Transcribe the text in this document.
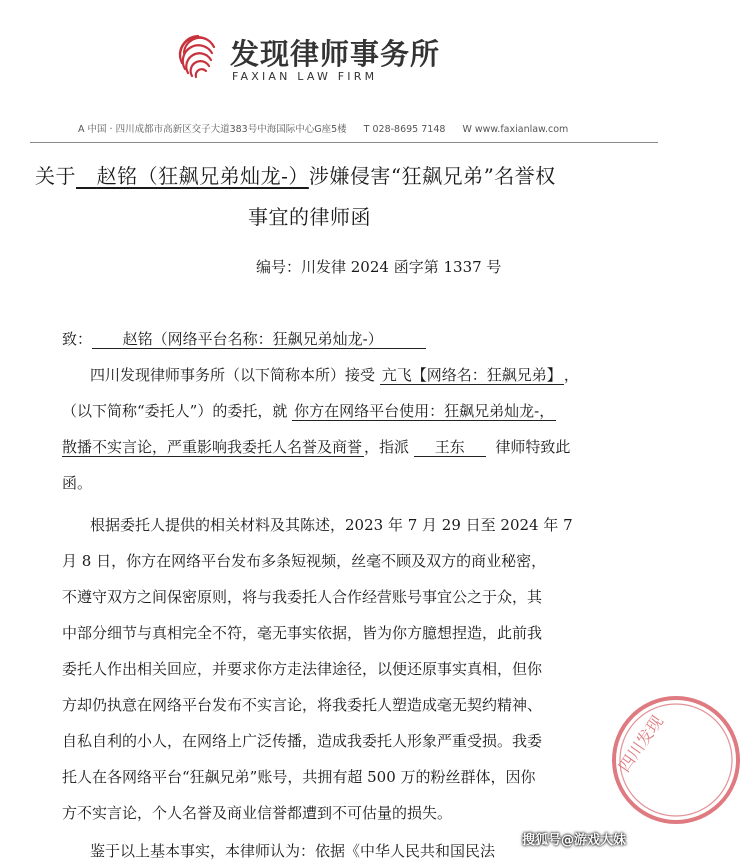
发现律师事务所
FAXIAN LAW FIRM
A 中国 · 四川成都市高新区交子大道383号中海国际中心G座5楼 T 028-8695 7148 W www.faxianlaw.com
关于 赵铭（狂飙兄弟灿龙-）涉嫌侵害“狂飙兄弟”名誉权
事宜的律师函
编号：川发律 2024 函字第 1337 号
致： 赵铭（网络平台名称：狂飙兄弟灿龙-）
四川发现律师事务所（以下简称本所）接受 亢飞【网络名：狂飙兄弟】 ，
（以下简称“委托人”）的委托，就 你方在网络平台使用：狂飙兄弟灿龙-，
散播不实言论，严重影响我委托人名誉及商誉 ，指派 王东 律师特致此
函。
根据委托人提供的相关材料及其陈述，2023 年 7 月 29 日至 2024 年 7
月 8 日，你方在网络平台发布多条短视频，丝毫不顾及双方的商业秘密，
不遵守双方之间保密原则，将与我委托人合作经营账号事宜公之于众，其
中部分细节与真相完全不符，毫无事实依据，皆为你方臆想捏造，此前我
委托人作出相关回应，并要求你方走法律途径，以便还原事实真相，但你
方却仍执意在网络平台发布不实言论，将我委托人塑造成毫无契约精神、
自私自利的小人，在网络上广泛传播，造成我委托人形象严重受损。我委
托人在各网络平台“狂飙兄弟”账号，共拥有超 500 万的粉丝群体，因你
方不实言论，个人名誉及商业信誉都遭到不可估量的损失。
鉴于以上基本事实，本律师认为：依据《中华人民共和国民法
四川发现
搜狐号@游戏大妹
